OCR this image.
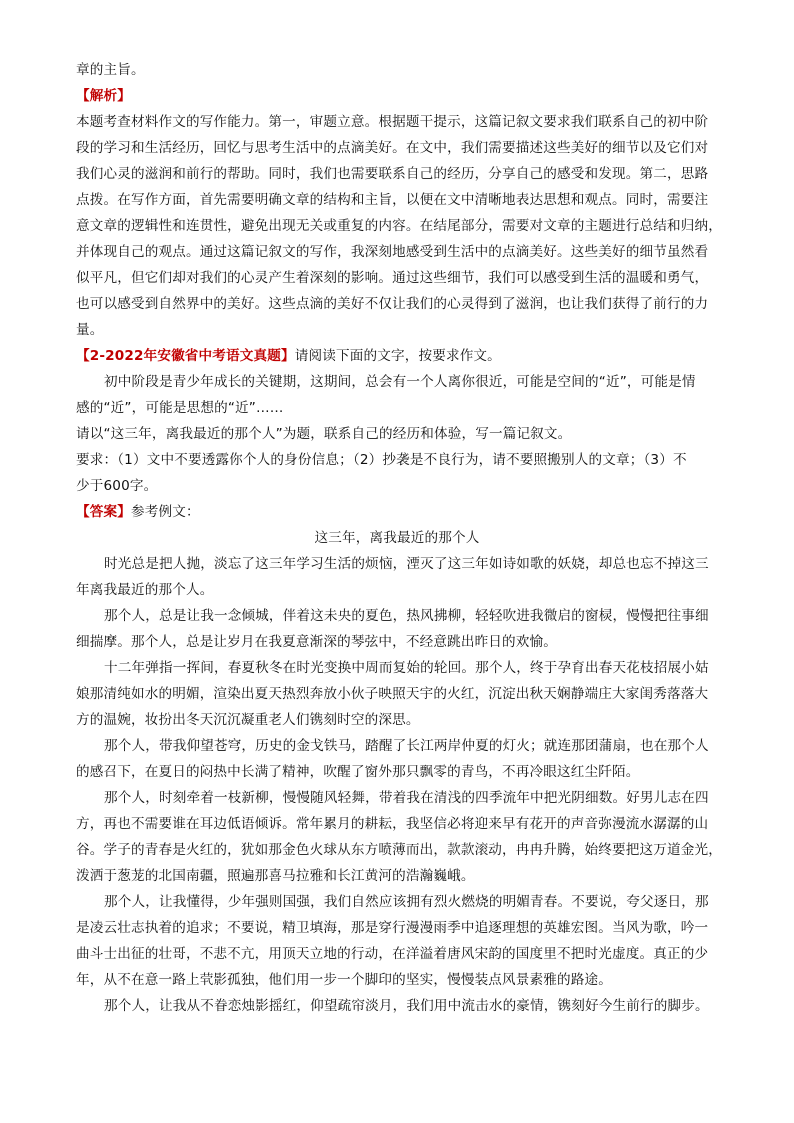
章的主旨。
【解析】
本题考查材料作文的写作能力。第一，审题立意。根据题干提示，这篇记叙文要求我们联系自己的初中阶
段的学习和生活经历，回忆与思考生活中的点滴美好。在文中，我们需要描述这些美好的细节以及它们对
我们心灵的滋润和前行的帮助。同时，我们也需要联系自己的经历，分享自己的感受和发现。第二，思路
点拨。在写作方面，首先需要明确文章的结构和主旨，以便在文中清晰地表达思想和观点。同时，需要注
意文章的逻辑性和连贯性，避免出现无关或重复的内容。在结尾部分，需要对文章的主题进行总结和归纳，
并体现自己的观点。通过这篇记叙文的写作，我深刻地感受到生活中的点滴美好。这些美好的细节虽然看
似平凡，但它们却对我们的心灵产生着深刻的影响。通过这些细节，我们可以感受到生活的温暖和勇气，
也可以感受到自然界中的美好。这些点滴的美好不仅让我们的心灵得到了滋润，也让我们获得了前行的力
量。
【2-2022年安徽省中考语文真题】请阅读下面的文字，按要求作文。
初中阶段是青少年成长的关键期，这期间，总会有一个人离你很近，可能是空间的“近”，可能是情
感的“近”，可能是思想的“近”……
请以“这三年，离我最近的那个人”为题，联系自己的经历和体验，写一篇记叙文。
要求：（1）文中不要透露你个人的身份信息；（2）抄袭是不良行为，请不要照搬别人的文章；（3）不
少于600字。
【答案】参考例文：
这三年，离我最近的那个人
时光总是把人抛，淡忘了这三年学习生活的烦恼，湮灭了这三年如诗如歌的妖娆，却总也忘不掉这三
年离我最近的那个人。
那个人，总是让我一念倾城，伴着这未央的夏色，热风拂柳，轻轻吹进我微启的窗棂，慢慢把往事细
细揣摩。那个人，总是让岁月在我夏意渐深的琴弦中，不经意跳出昨日的欢愉。
十二年弹指一挥间，春夏秋冬在时光变换中周而复始的轮回。那个人，终于孕育出春天花枝招展小姑
娘那清纯如水的明媚，渲染出夏天热烈奔放小伙子映照天宇的火红，沉淀出秋天娴静端庄大家闺秀落落大
方的温婉，妆扮出冬天沉沉凝重老人们镌刻时空的深思。
那个人，带我仰望苍穹，历史的金戈铁马，踏醒了长江两岸仲夏的灯火；就连那团蒲扇，也在那个人
的感召下，在夏日的闷热中长满了精神，吹醒了窗外那只飘零的青鸟，不再冷眼这红尘阡陌。
那个人，时刻牵着一枝新柳，慢慢随风轻舞，带着我在清浅的四季流年中把光阴细数。好男儿志在四
方，再也不需要谁在耳边低语倾诉。常年累月的耕耘，我坚信必将迎来早有花开的声音弥漫流水潺潺的山
谷。学子的青春是火红的，犹如那金色火球从东方喷薄而出，款款滚动，冉冉升腾，始终要把这万道金光，
泼洒于葱茏的北国南疆，照遍那喜马拉雅和长江黄河的浩瀚巍峨。
那个人，让我懂得，少年强则国强，我们自然应该拥有烈火燃烧的明媚青春。不要说，夸父逐日，那
是凌云壮志执着的追求；不要说，精卫填海，那是穿行漫漫雨季中追逐理想的英雄宏图。当风为歌，吟一
曲斗士出征的壮哥，不悲不亢，用顶天立地的行动，在洋溢着唐风宋韵的国度里不把时光虚度。真正的少
年，从不在意一路上茕影孤独，他们用一步一个脚印的坚实，慢慢装点风景素雅的路途。
那个人，让我从不眷恋烛影摇红，仰望疏帘淡月，我们用中流击水的豪情，镌刻好今生前行的脚步。
